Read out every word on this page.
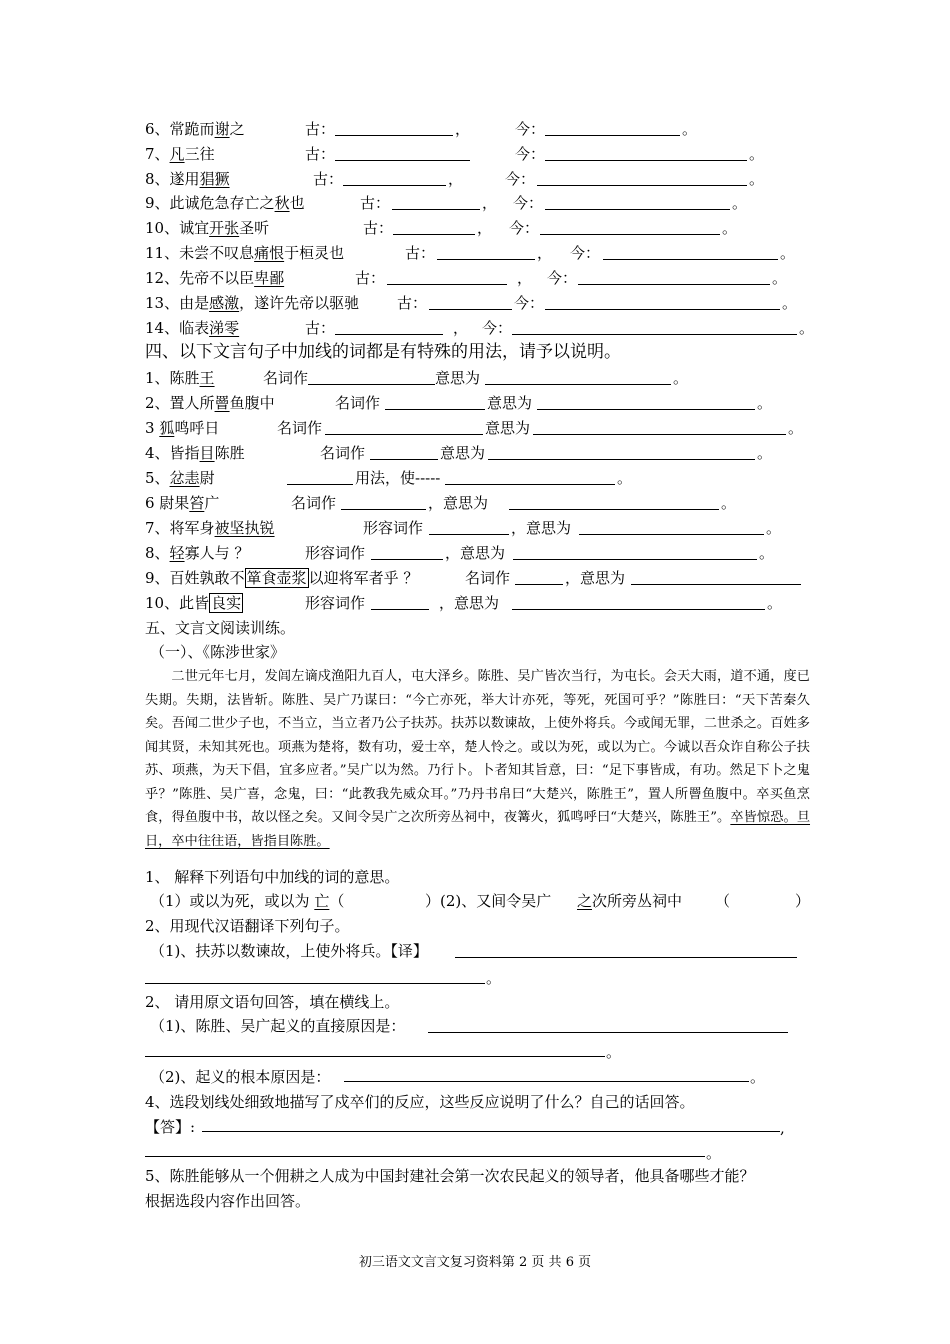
6、常跪而谢之	古：	，	今：	。
7、凡三往	古：	今：	。
8、遂用猖獗	古：	，	今：	。
9、此诚危急存亡之秋也	古：	， 今：	。
10、诚宜开张圣听	古：	， 今：	。
11、未尝不叹息痛恨于桓灵也	古：	， 今：	。
12、先帝不以臣卑鄙	古：	， 今：	。
13、由是感激，遂许先帝以驱驰	古：	今：	。
14、临表涕零	古：	， 今：	。
四、以下文言句子中加线的词都是有特殊的用法，请予以说明。
1、陈胜王	名词作	意思为	。
2、置人所罾鱼腹中	名词作	意思为	。
3 狐鸣呼日	名词作	意思为	。
4、皆指目陈胜	名词作	意思为	。
5、忿恚尉	用法，使-----	。
6 尉果笞广	名词作	，意思为	。
7、将军身被坚执锐	形容词作	，意思为	。
8、轻寡人与 ？	形容词作	，意思为	。
9、百姓孰敢不 箪食壶浆 以迎将军者乎 ？	名词作	，意思为
10、此皆 良实	形容词作	，意思为	。
五、文言文阅读训练。
（一）、《陈涉世家》

二世元年七月，发闾左谪戍渔阳九百人，屯大泽乡。陈胜、吴广皆次当行，为屯长。会天大雨，道不通，度已失期。失期，法皆斩。陈胜、吴广乃谋曰：“今亡亦死，举大计亦死，等死，死国可乎？”陈胜曰：“天下苦秦久矣。吾闻二世少子也，不当立，当立者乃公子扶苏。扶苏以数谏故，上使外将兵。今或闻无罪，二世杀之。百姓多闻其贤，未知其死也。项燕为楚将，数有功，爱士卒，楚人怜之。或以为死，或以为亡。今诚以吾众诈自称公子扶苏、项燕，为天下倡，宜多应者。”吴广以为然。乃行卜。卜者知其旨意，曰：“足下事皆成，有功。然足下卜之鬼乎？”陈胜、吴广喜，念鬼，曰：“此教我先威众耳。”乃丹书帛曰“大楚兴，陈胜王”，置人所罾鱼腹中。卒买鱼烹食，得鱼腹中书，故以怪之矣。又间令吴广之次所旁丛祠中，夜篝火，狐鸣呼曰“大楚兴，陈胜王”。卒皆惊恐。旦日，卒中往往语，皆指目陈胜。

1、 解释下列语句中加线的词的意思。
（1）或以为死，或以为 亡（	）(2)、又间令吴广 之 次所旁丛祠中 （	）
2、用现代汉语翻译下列句子。
（1)、扶苏以数谏故，上使外将兵。【译】
。
2、 请用原文语句回答，填在横线上。
（1)、陈胜、吴广起义的直接原因是：
。
（2)、起义的根本原因是：	。
4、选段划线处细致地描写了戍卒们的反应，这些反应说明了什么？自己的话回答。
【答】:	,
。
5、陈胜能够从一个佣耕之人成为中国封建社会第一次农民起义的领导者，他具备哪些才能？
根据选段内容作出回答。
初三语文文言文复习资料第 2 页 共 6 页
